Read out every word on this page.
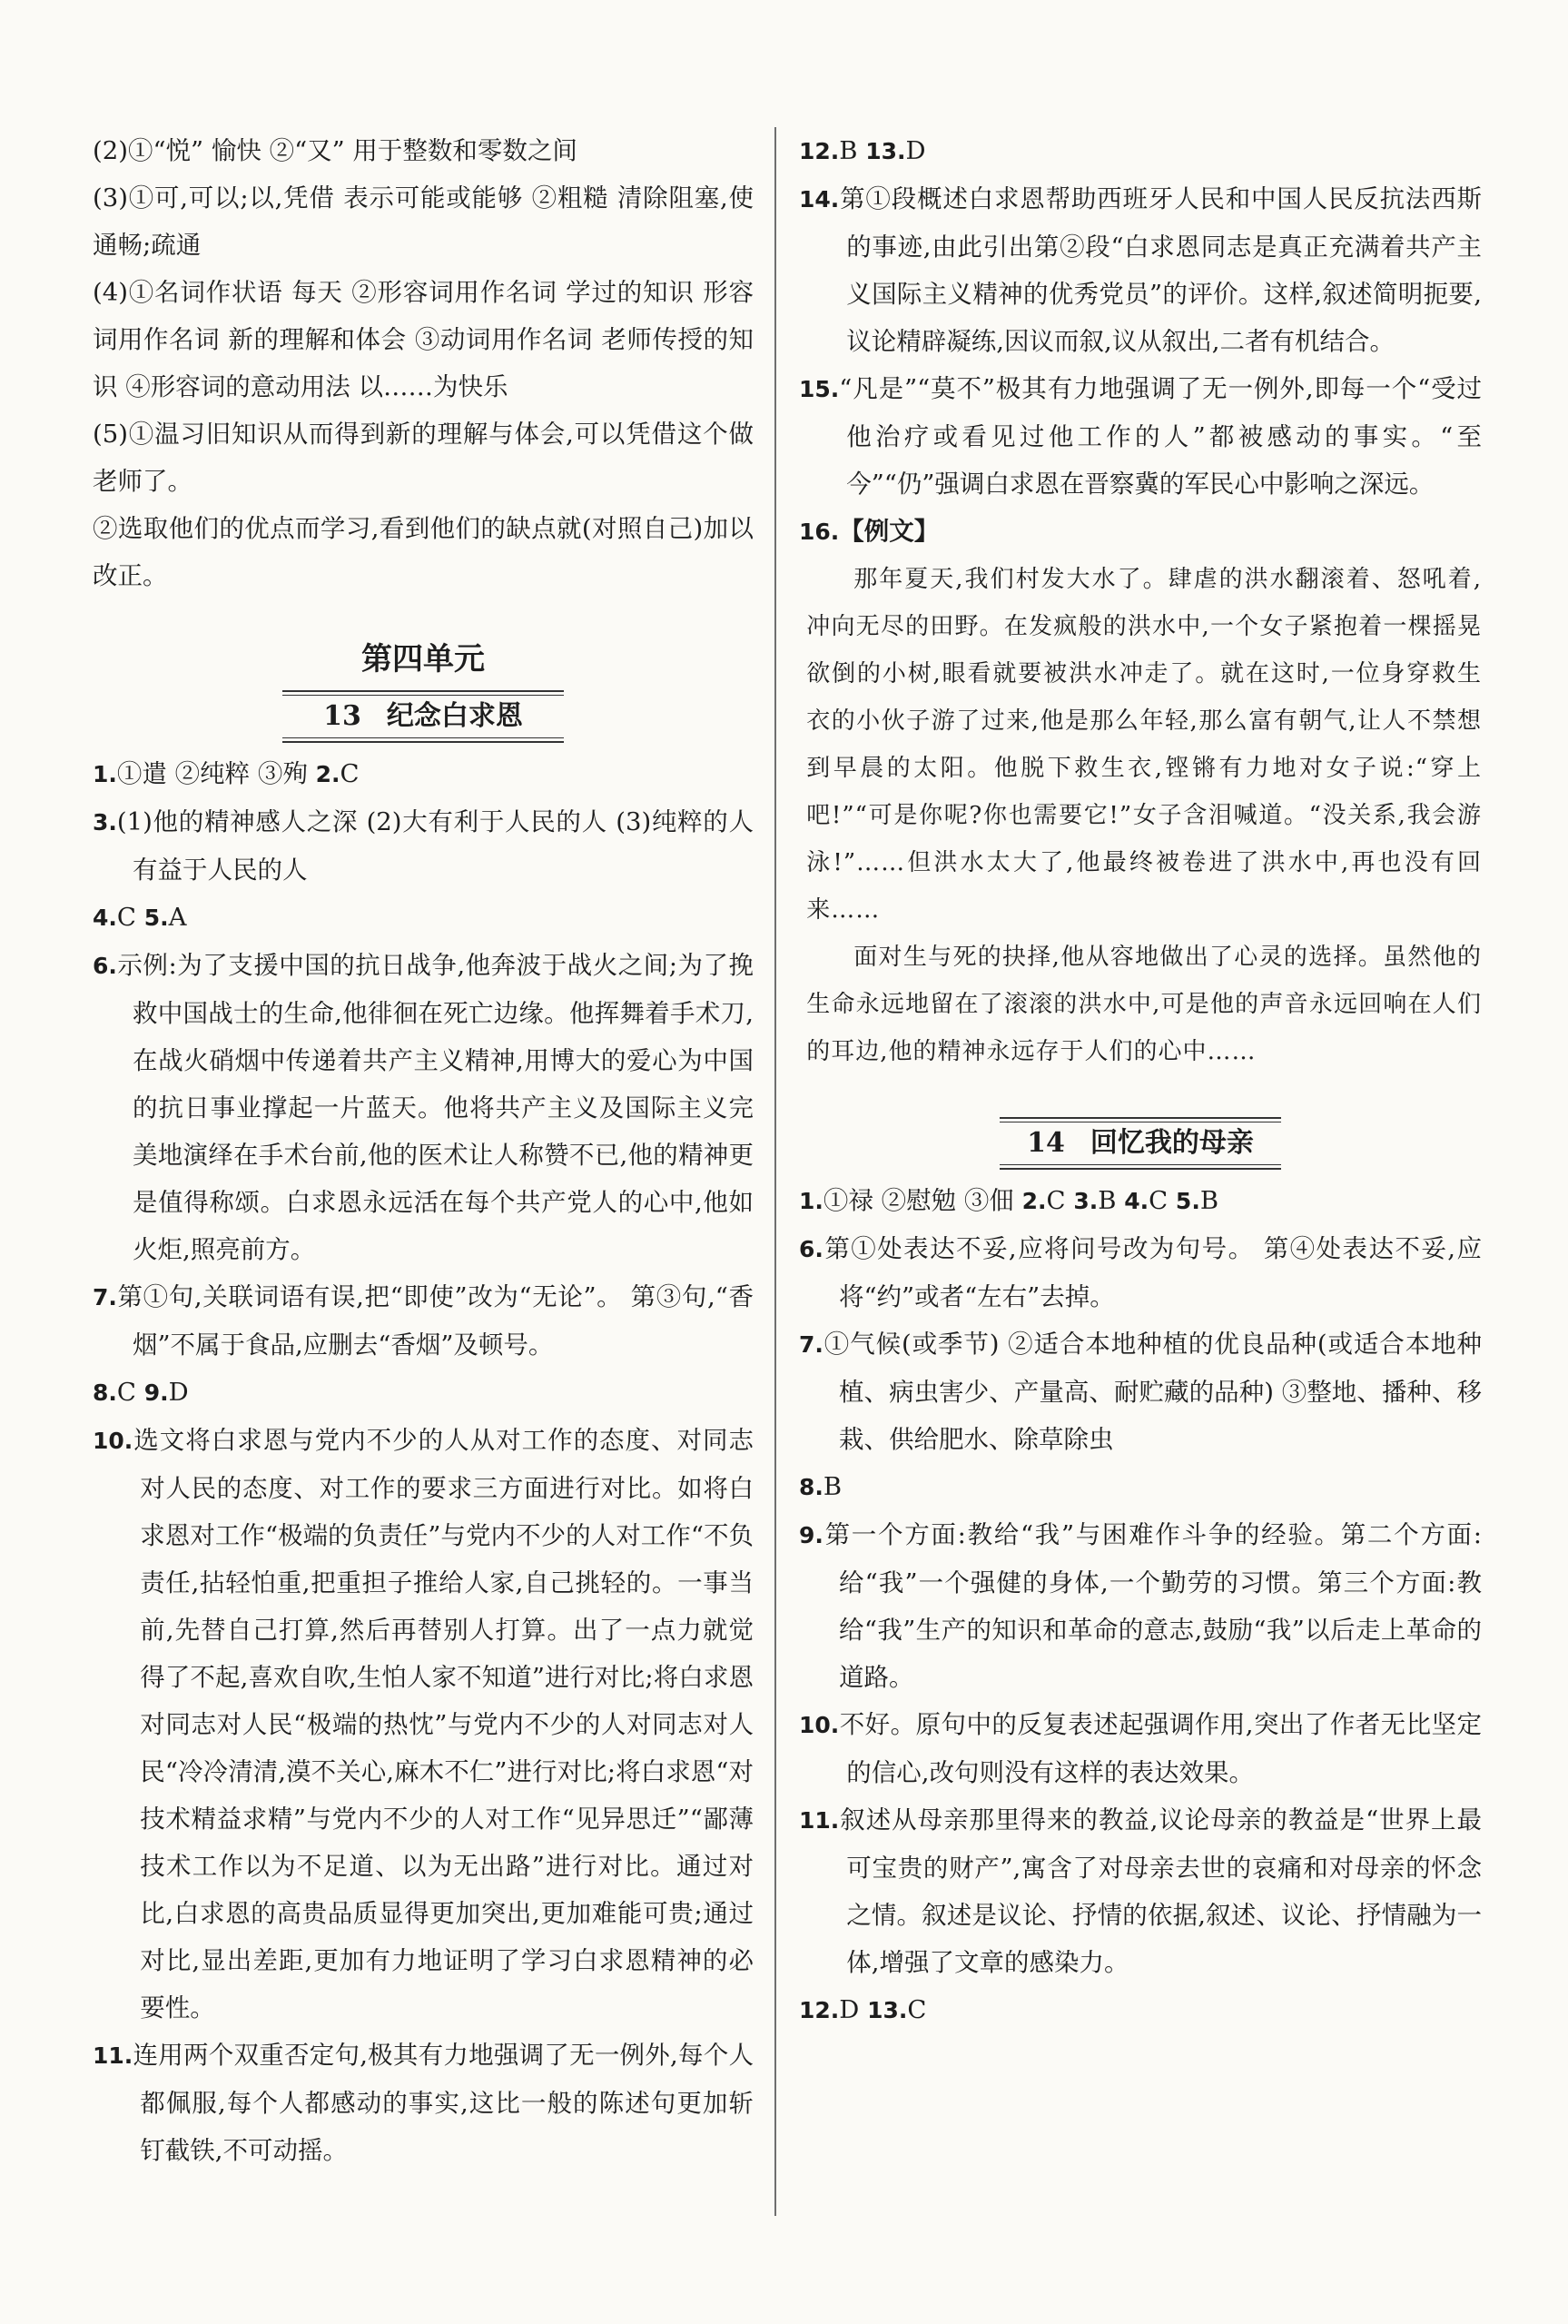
(2)①“悦” 愉快 ②“又” 用于整数和零数之间

(3)①可,可以;以,凭借 表示可能或能够 ②粗糙 清除阻塞,使通畅;疏通

(4)①名词作状语 每天 ②形容词用作名词 学过的知识 形容词用作名词 新的理解和体会 ③动词用作名词 老师传授的知识 ④形容词的意动用法 以……为快乐

(5)①温习旧知识从而得到新的理解与体会,可以凭借这个做老师了。

②选取他们的优点而学习,看到他们的缺点就(对照自己)加以改正。

第四单元
13 纪念白求恩

1.①遣 ②纯粹 ③殉 2.C

3.(1)他的精神感人之深 (2)大有利于人民的人 (3)纯粹的人 有益于人民的人

4.C 5.A

6.示例:为了支援中国的抗日战争,他奔波于战火之间;为了挽救中国战士的生命,他徘徊在死亡边缘。他挥舞着手术刀,在战火硝烟中传递着共产主义精神,用博大的爱心为中国的抗日事业撑起一片蓝天。他将共产主义及国际主义完美地演绎在手术台前,他的医术让人称赞不已,他的精神更是值得称颂。白求恩永远活在每个共产党人的心中,他如火炬,照亮前方。

7.第①句,关联词语有误,把“即使”改为“无论”。 第③句,“香烟”不属于食品,应删去“香烟”及顿号。

8.C 9.D

10.选文将白求恩与党内不少的人从对工作的态度、对同志对人民的态度、对工作的要求三方面进行对比。如将白求恩对工作“极端的负责任”与党内不少的人对工作“不负责任,拈轻怕重,把重担子推给人家,自己挑轻的。一事当前,先替自己打算,然后再替别人打算。出了一点力就觉得了不起,喜欢自吹,生怕人家不知道”进行对比;将白求恩对同志对人民“极端的热忱”与党内不少的人对同志对人民“冷冷清清,漠不关心,麻木不仁”进行对比;将白求恩“对技术精益求精”与党内不少的人对工作“见异思迁”“鄙薄技术工作以为不足道、以为无出路”进行对比。通过对比,白求恩的高贵品质显得更加突出,更加难能可贵;通过对比,显出差距,更加有力地证明了学习白求恩精神的必要性。

11.连用两个双重否定句,极其有力地强调了无一例外,每个人都佩服,每个人都感动的事实,这比一般的陈述句更加斩钉截铁,不可动摇。

12.B 13.D

14.第①段概述白求恩帮助西班牙人民和中国人民反抗法西斯的事迹,由此引出第②段“白求恩同志是真正充满着共产主义国际主义精神的优秀党员”的评价。这样,叙述简明扼要,议论精辟凝练,因议而叙,议从叙出,二者有机结合。

15.“凡是”“莫不”极其有力地强调了无一例外,即每一个“受过他治疗或看见过他工作的人”都被感动的事实。“至今”“仍”强调白求恩在晋察冀的军民心中影响之深远。

16.【例文】

那年夏天,我们村发大水了。肆虐的洪水翻滚着、怒吼着,冲向无尽的田野。在发疯般的洪水中,一个女子紧抱着一棵摇晃欲倒的小树,眼看就要被洪水冲走了。就在这时,一位身穿救生衣的小伙子游了过来,他是那么年轻,那么富有朝气,让人不禁想到早晨的太阳。他脱下救生衣,铿锵有力地对女子说:“穿上吧!”“可是你呢?你也需要它!”女子含泪喊道。“没关系,我会游泳!”……但洪水太大了,他最终被卷进了洪水中,再也没有回来……

面对生与死的抉择,他从容地做出了心灵的选择。虽然他的生命永远地留在了滚滚的洪水中,可是他的声音永远回响在人们的耳边,他的精神永远存于人们的心中……

14 回忆我的母亲

1.①禄 ②慰勉 ③佃 2.C 3.B 4.C 5.B

6.第①处表达不妥,应将问号改为句号。 第④处表达不妥,应将“约”或者“左右”去掉。

7.①气候(或季节) ②适合本地种植的优良品种(或适合本地种植、病虫害少、产量高、耐贮藏的品种) ③整地、播种、移栽、供给肥水、除草除虫

8.B

9.第一个方面:教给“我”与困难作斗争的经验。第二个方面:给“我”一个强健的身体,一个勤劳的习惯。第三个方面:教给“我”生产的知识和革命的意志,鼓励“我”以后走上革命的道路。

10.不好。原句中的反复表述起强调作用,突出了作者无比坚定的信心,改句则没有这样的表达效果。

11.叙述从母亲那里得来的教益,议论母亲的教益是“世界上最可宝贵的财产”,寓含了对母亲去世的哀痛和对母亲的怀念之情。叙述是议论、抒情的依据,叙述、议论、抒情融为一体,增强了文章的感染力。

12.D 13.C
